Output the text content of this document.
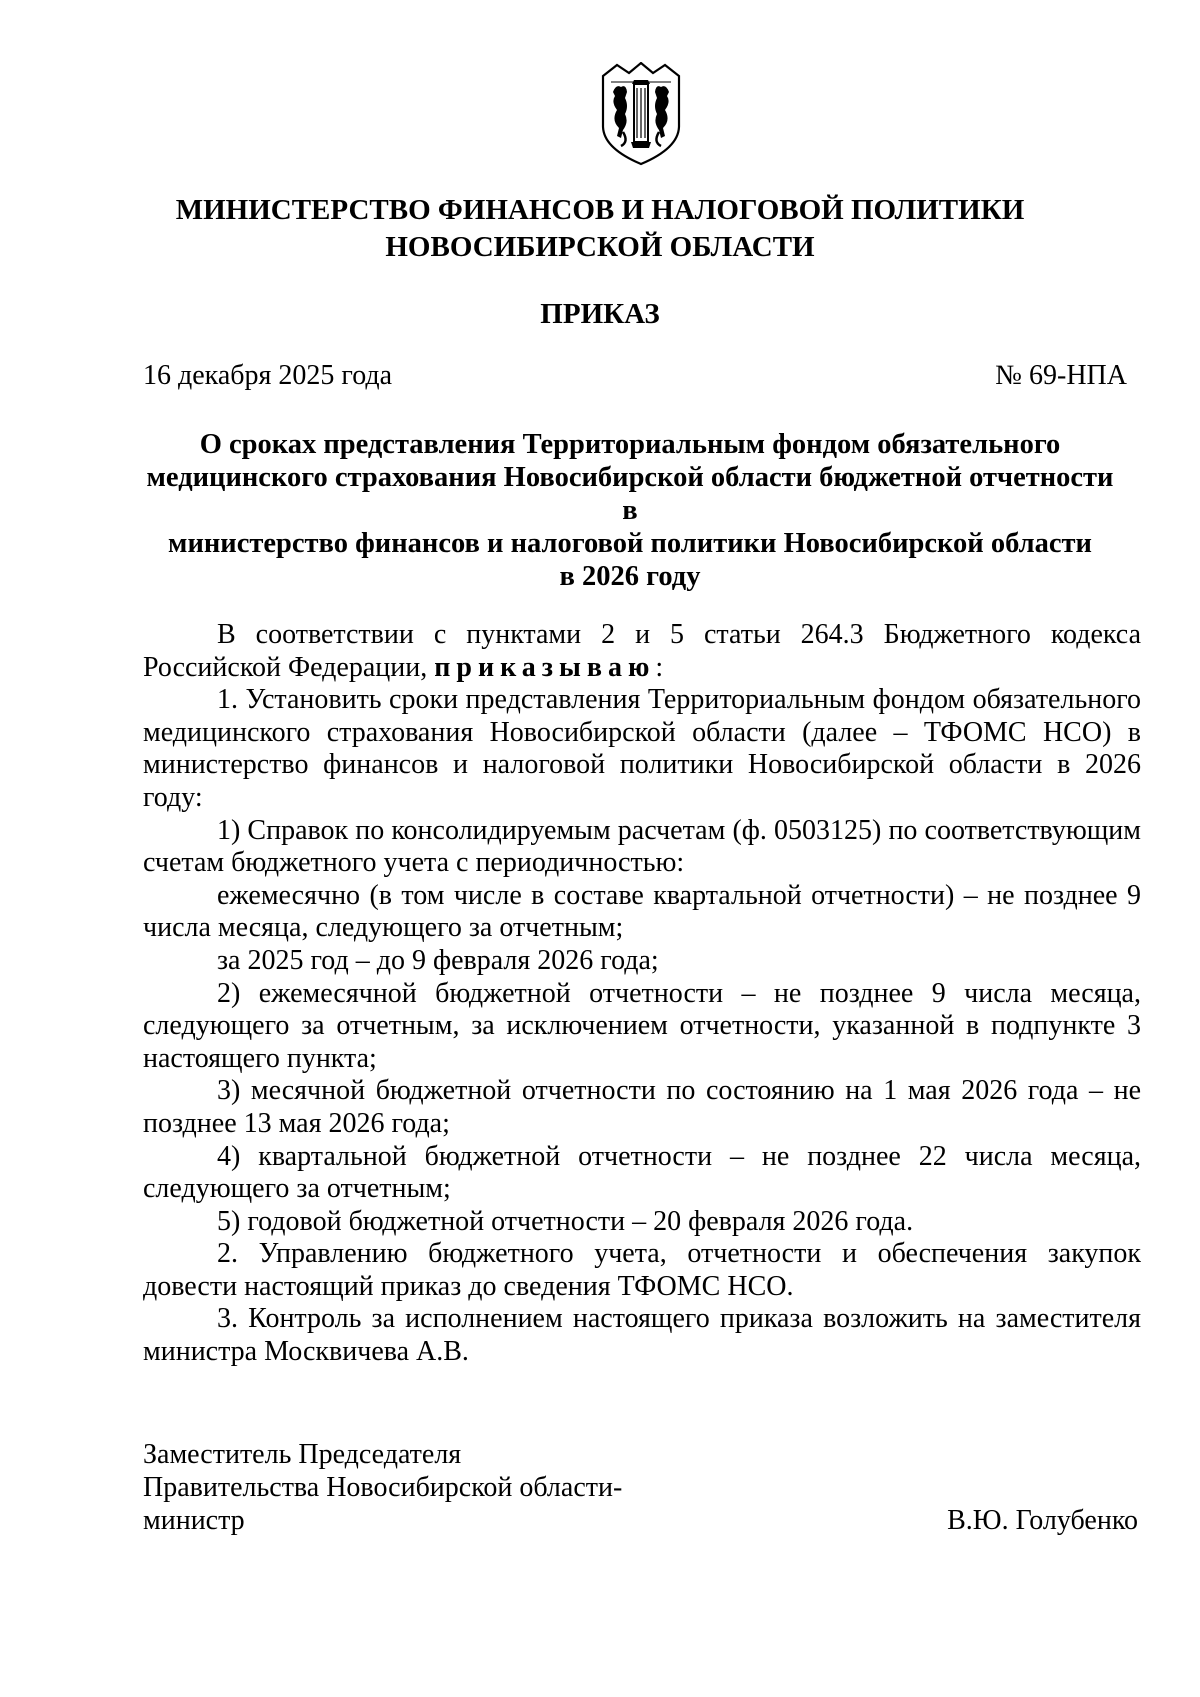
МИНИСТЕРСТВО ФИНАНСОВ И НАЛОГОВОЙ ПОЛИТИКИ
НОВОСИБИРСКОЙ ОБЛАСТИ
ПРИКАЗ
16 декабря 2025 года	№ 69-НПА
О сроках представления Территориальным фондом обязательного
медицинского страхования Новосибирской области бюджетной отчетности в
министерство финансов и налоговой политики Новосибирской области
в 2026 году

В соответствии с пунктами 2 и 5 статьи 264.3 Бюджетного кодекса Российской Федерации, приказываю:

1. Установить сроки представления Территориальным фондом обязательного медицинского страхования Новосибирской области (далее – ТФОМС НСО) в министерство финансов и налоговой политики Новосибирской области в 2026 году:

1) Справок по консолидируемым расчетам (ф. 0503125) по соответствующим счетам бюджетного учета с периодичностью:

ежемесячно (в том числе в составе квартальной отчетности) – не позднее 9 числа месяца, следующего за отчетным;

за 2025 год – до 9 февраля 2026 года;

2) ежемесячной бюджетной отчетности – не позднее 9 числа месяца, следующего за отчетным, за исключением отчетности, указанной в подпункте 3 настоящего пункта;

3) месячной бюджетной отчетности по состоянию на 1 мая 2026 года – не позднее 13 мая 2026 года;

4) квартальной бюджетной отчетности – не позднее 22 числа месяца, следующего за отчетным;

5) годовой бюджетной отчетности – 20 февраля 2026 года.

2. Управлению бюджетного учета, отчетности и обеспечения закупок довести настоящий приказ до сведения ТФОМС НСО.

3. Контроль за исполнением настоящего приказа возложить на заместителя министра Москвичева А.В.

Заместитель Председателя
Правительства Новосибирской области-
министр	В.Ю. Голубенко
